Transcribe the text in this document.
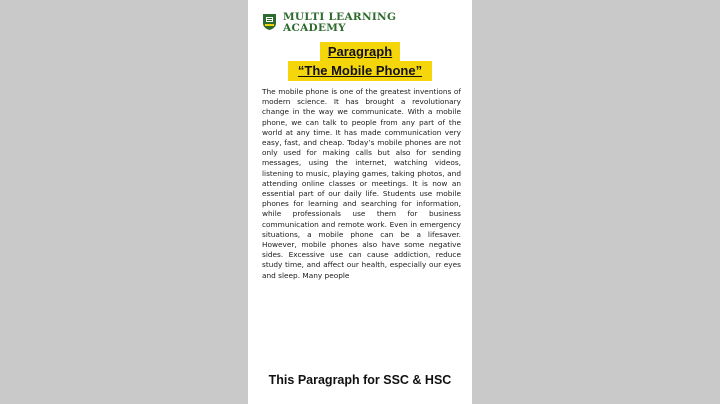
MULTI LEARNING
ACADEMY
Paragraph
“The Mobile Phone”

The mobile phone is one of the greatest inventions of modern science. It has brought a revolutionary change in the way we communicate. With a mobile phone, we can talk to people from any part of the world at any time. It has made communication very easy, fast, and cheap. Today’s mobile phones are not only used for making calls but also for sending messages, using the internet, watching videos, listening to music, playing games, taking photos, and attending online classes or meetings. It is now an essential part of our daily life. Students use mobile phones for learning and searching for information, while professionals use them for business communication and remote work. Even in emergency situations, a mobile phone can be a lifesaver. However, mobile phones also have some negative sides. Excessive use can cause addiction, reduce study time, and affect our health, especially our eyes and sleep. Many people

This Paragraph for SSC & HSC
